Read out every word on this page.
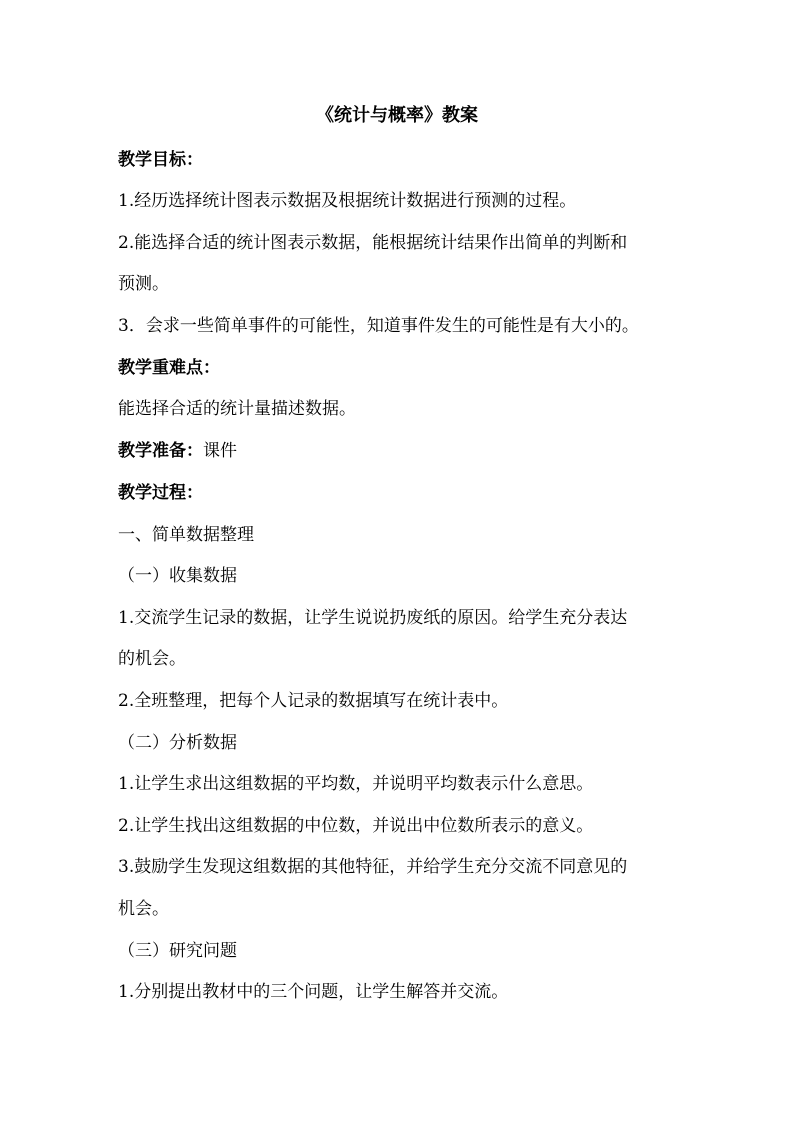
《统计与概率》教案
教学目标：
1.经历选择统计图表示数据及根据统计数据进行预测的过程。
2.能选择合适的统计图表示数据，能根据统计结果作出简单的判断和
预测。
3．会求一些简单事件的可能性，知道事件发生的可能性是有大小的。
教学重难点：
能选择合适的统计量描述数据。
教学准备：课件
教学过程：
一、简单数据整理
（一）收集数据
1.交流学生记录的数据，让学生说说扔废纸的原因。给学生充分表达
的机会。
2.全班整理，把每个人记录的数据填写在统计表中。
（二）分析数据
1.让学生求出这组数据的平均数，并说明平均数表示什么意思。
2.让学生找出这组数据的中位数，并说出中位数所表示的意义。
3.鼓励学生发现这组数据的其他特征，并给学生充分交流不同意见的
机会。
（三）研究问题
1.分别提出教材中的三个问题，让学生解答并交流。
